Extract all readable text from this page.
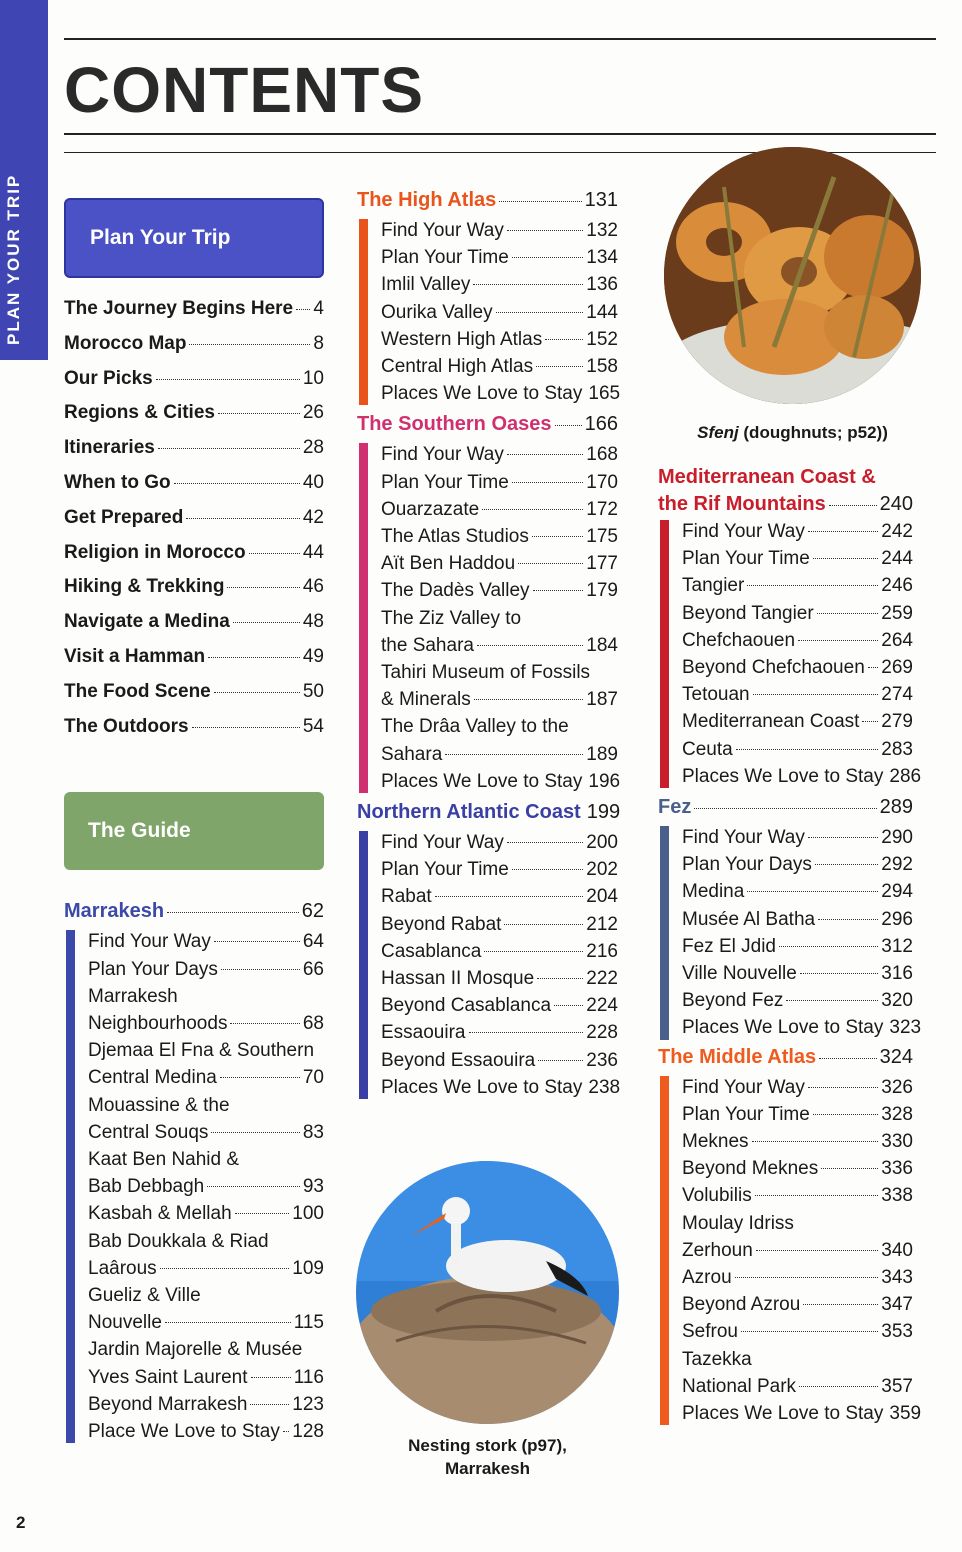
PLAN YOUR TRIP
CONTENTS
Plan Your Trip
The Journey Begins Here 4
Morocco Map	8
Our Picks	10
Regions & Cities	26
Itineraries	28
When to Go	40
Get Prepared	42
Religion in Morocco	44
Hiking & Trekking	46
Navigate a Medina	48
Visit a Hamman	49
The Food Scene	50
The Outdoors	54
The Guide
Marrakesh	62
Find Your Way	64
Plan Your Days	66
Marrakesh
Neighbourhoods	68
Djemaa El Fna & Southern
Central Medina	70
Mouassine & the
Central Souqs	83
Kaat Ben Nahid &
Bab Debbagh	93
Kasbah & Mellah	100
Bab Doukkala & Riad
Laârous	109
Gueliz & Ville
Nouvelle	115
Jardin Majorelle & Musée
Yves Saint Laurent 116
Beyond Marrakesh 123
Place We Love to Stay 128
The High Atlas	131
Find Your Way	132
Plan Your Time	134
Imlil Valley	136
Ourika Valley	144
Western High Atlas 152
Central High Atlas	158
Places We Love to Stay 165
The Southern Oases 166
Find Your Way	168
Plan Your Time	170
Ouarzazate	172
The Atlas Studios	175
Aït Ben Haddou	177
The Dadès Valley	179
The Ziz Valley to
the Sahara	184
Tahiri Museum of Fossils
& Minerals	187
The Drâa Valley to the
Sahara	189
Places We Love to Stay 196
Northern Atlantic Coast 199
Find Your Way	200
Plan Your Time	202
Rabat	204
Beyond Rabat	212
Casablanca	216
Hassan II Mosque	222
Beyond Casablanca 224
Essaouira	228
Beyond Essaouira	236
Places We Love to Stay 238
Sfenj (doughnuts; p52))
Mediterranean Coast &
the Rif Mountains	240
Find Your Way	242
Plan Your Time	244
Tangier	246
Beyond Tangier	259
Chefchaouen	264
Beyond Chefchaouen 269
Tetouan	274
Mediterranean Coast 279
Ceuta	283
Places We Love to Stay 286
Fez	289
Find Your Way	290
Plan Your Days	292
Medina	294
Musée Al Batha	296
Fez El Jdid	312
Ville Nouvelle	316
Beyond Fez	320
Places We Love to Stay 323
The Middle Atlas	324
Find Your Way	326
Plan Your Time	328
Meknes	330
Beyond Meknes	336
Volubilis	338
Moulay Idriss
Zerhoun	340
Azrou	343
Beyond Azrou	347
Sefrou	353
Tazekka
National Park	357
Places We Love to Stay 359
Nesting stork (p97),
Marrakesh
2
